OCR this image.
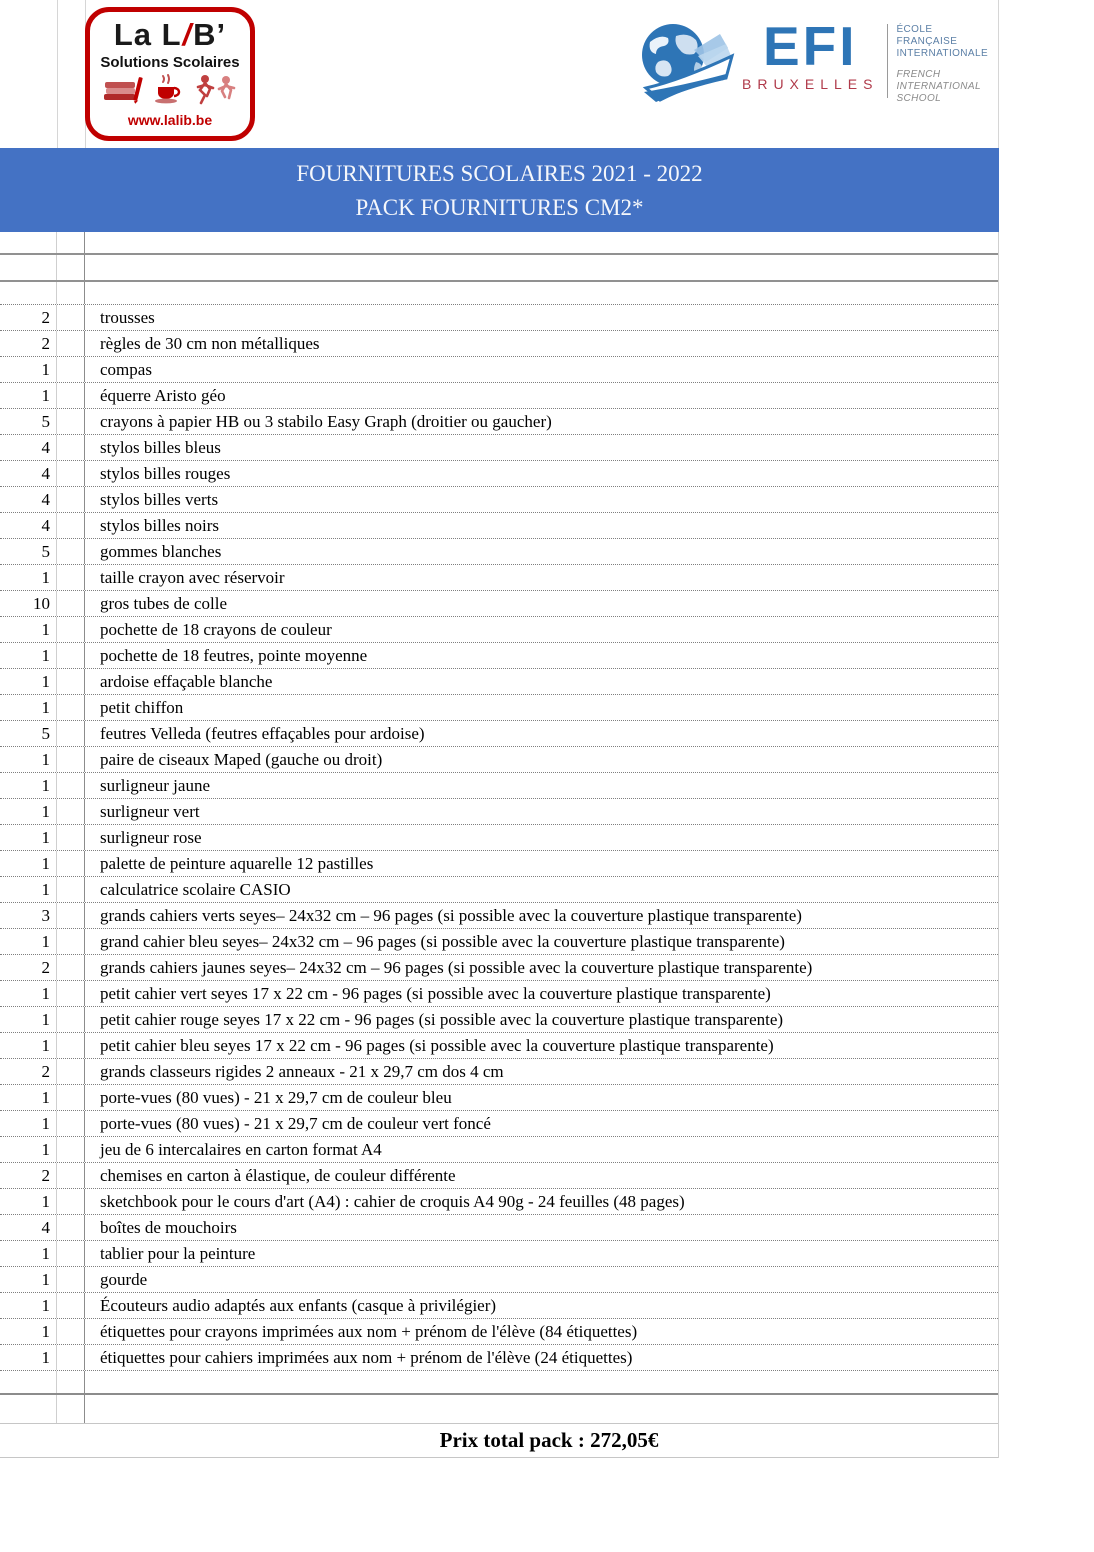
La L/B’
Solutions Scolaires
www.lalib.be
EFI
BRUXELLES
ÉCOLE
FRANÇAISE
INTERNATIONALE
FRENCH
INTERNATIONAL
SCHOOL
FOURNITURES SCOLAIRES 2021 - 2022
PACK FOURNITURES CM2*
2	trousses
2	règles de 30 cm non métalliques
1	compas
1	équerre Aristo géo
5	crayons à papier HB ou 3 stabilo Easy Graph (droitier ou gaucher)
4	stylos billes bleus
4	stylos billes rouges
4	stylos billes verts
4	stylos billes noirs
5	gommes blanches
1	taille crayon avec réservoir
10	gros tubes de colle
1	pochette de 18 crayons de couleur
1	pochette de 18 feutres, pointe moyenne
1	ardoise effaçable blanche
1	petit chiffon
5	feutres Velleda (feutres effaçables pour ardoise)
1	paire de ciseaux Maped (gauche ou droit)
1	surligneur jaune
1	surligneur vert
1	surligneur rose
1	palette de peinture aquarelle 12 pastilles
1	calculatrice scolaire CASIO
3	grands cahiers verts seyes– 24x32 cm – 96 pages (si possible avec la couverture plastique transparente)
1	grand cahier bleu seyes– 24x32 cm – 96 pages (si possible avec la couverture plastique transparente)
2	grands cahiers jaunes seyes– 24x32 cm – 96 pages (si possible avec la couverture plastique transparente)
1	petit cahier vert seyes 17 x 22 cm - 96 pages (si possible avec la couverture plastique transparente)
1	petit cahier rouge seyes 17 x 22 cm - 96 pages (si possible avec la couverture plastique transparente)
1	petit cahier bleu seyes 17 x 22 cm - 96 pages (si possible avec la couverture plastique transparente)
2	grands classeurs rigides 2 anneaux - 21 x 29,7 cm dos 4 cm
1	porte-vues (80 vues) - 21 x 29,7 cm de couleur bleu
1	porte-vues (80 vues) - 21 x 29,7 cm de couleur vert foncé
1	jeu de 6 intercalaires en carton format A4
2	chemises en carton à élastique, de couleur différente
1	sketchbook pour le cours d'art (A4) : cahier de croquis A4 90g - 24 feuilles (48 pages)
4	boîtes de mouchoirs
1	tablier pour la peinture
1	gourde
1	Écouteurs audio adaptés aux enfants (casque à privilégier)
1	étiquettes pour crayons imprimées aux nom + prénom de l'élève (84 étiquettes)
1	étiquettes pour cahiers imprimées aux nom + prénom de l'élève (24 étiquettes)
Prix total pack : 272,05€
